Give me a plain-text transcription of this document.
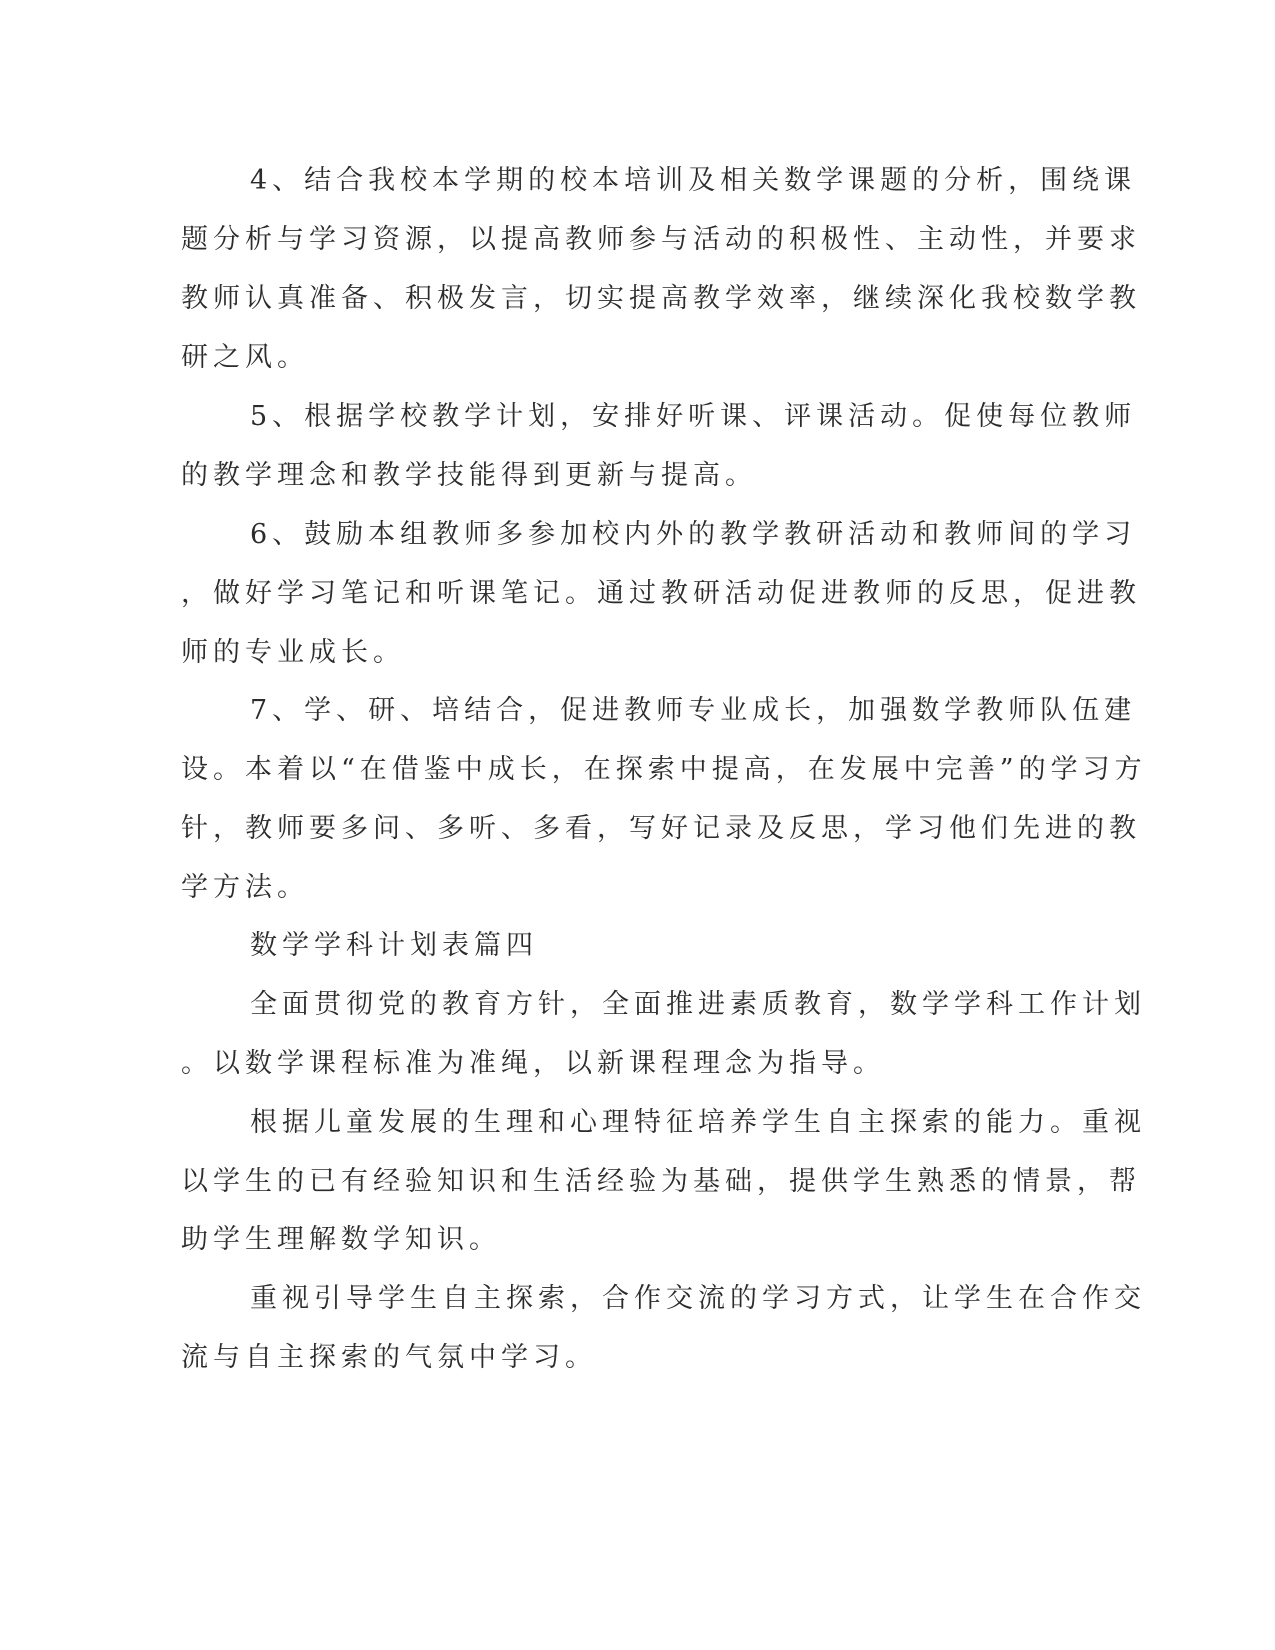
4、结合我校本学期的校本培训及相关数学课题的分析，围绕课
题分析与学习资源，以提高教师参与活动的积极性、主动性，并要求
教师认真准备、积极发言，切实提高教学效率，继续深化我校数学教
研之风。
5、根据学校教学计划，安排好听课、评课活动。促使每位教师
的教学理念和教学技能得到更新与提高。
6、鼓励本组教师多参加校内外的教学教研活动和教师间的学习
，做好学习笔记和听课笔记。通过教研活动促进教师的反思，促进教
师的专业成长。
7、学、研、培结合，促进教师专业成长，加强数学教师队伍建
设。本着以“在借鉴中成长，在探索中提高，在发展中完善”的学习方
针，教师要多问、多听、多看，写好记录及反思，学习他们先进的教
学方法。
数学学科计划表篇四
全面贯彻党的教育方针，全面推进素质教育，数学学科工作计划
。以数学课程标准为准绳，以新课程理念为指导。
根据儿童发展的生理和心理特征培养学生自主探索的能力。重视
以学生的已有经验知识和生活经验为基础，提供学生熟悉的情景，帮
助学生理解数学知识。
重视引导学生自主探索，合作交流的学习方式，让学生在合作交
流与自主探索的气氛中学习。
